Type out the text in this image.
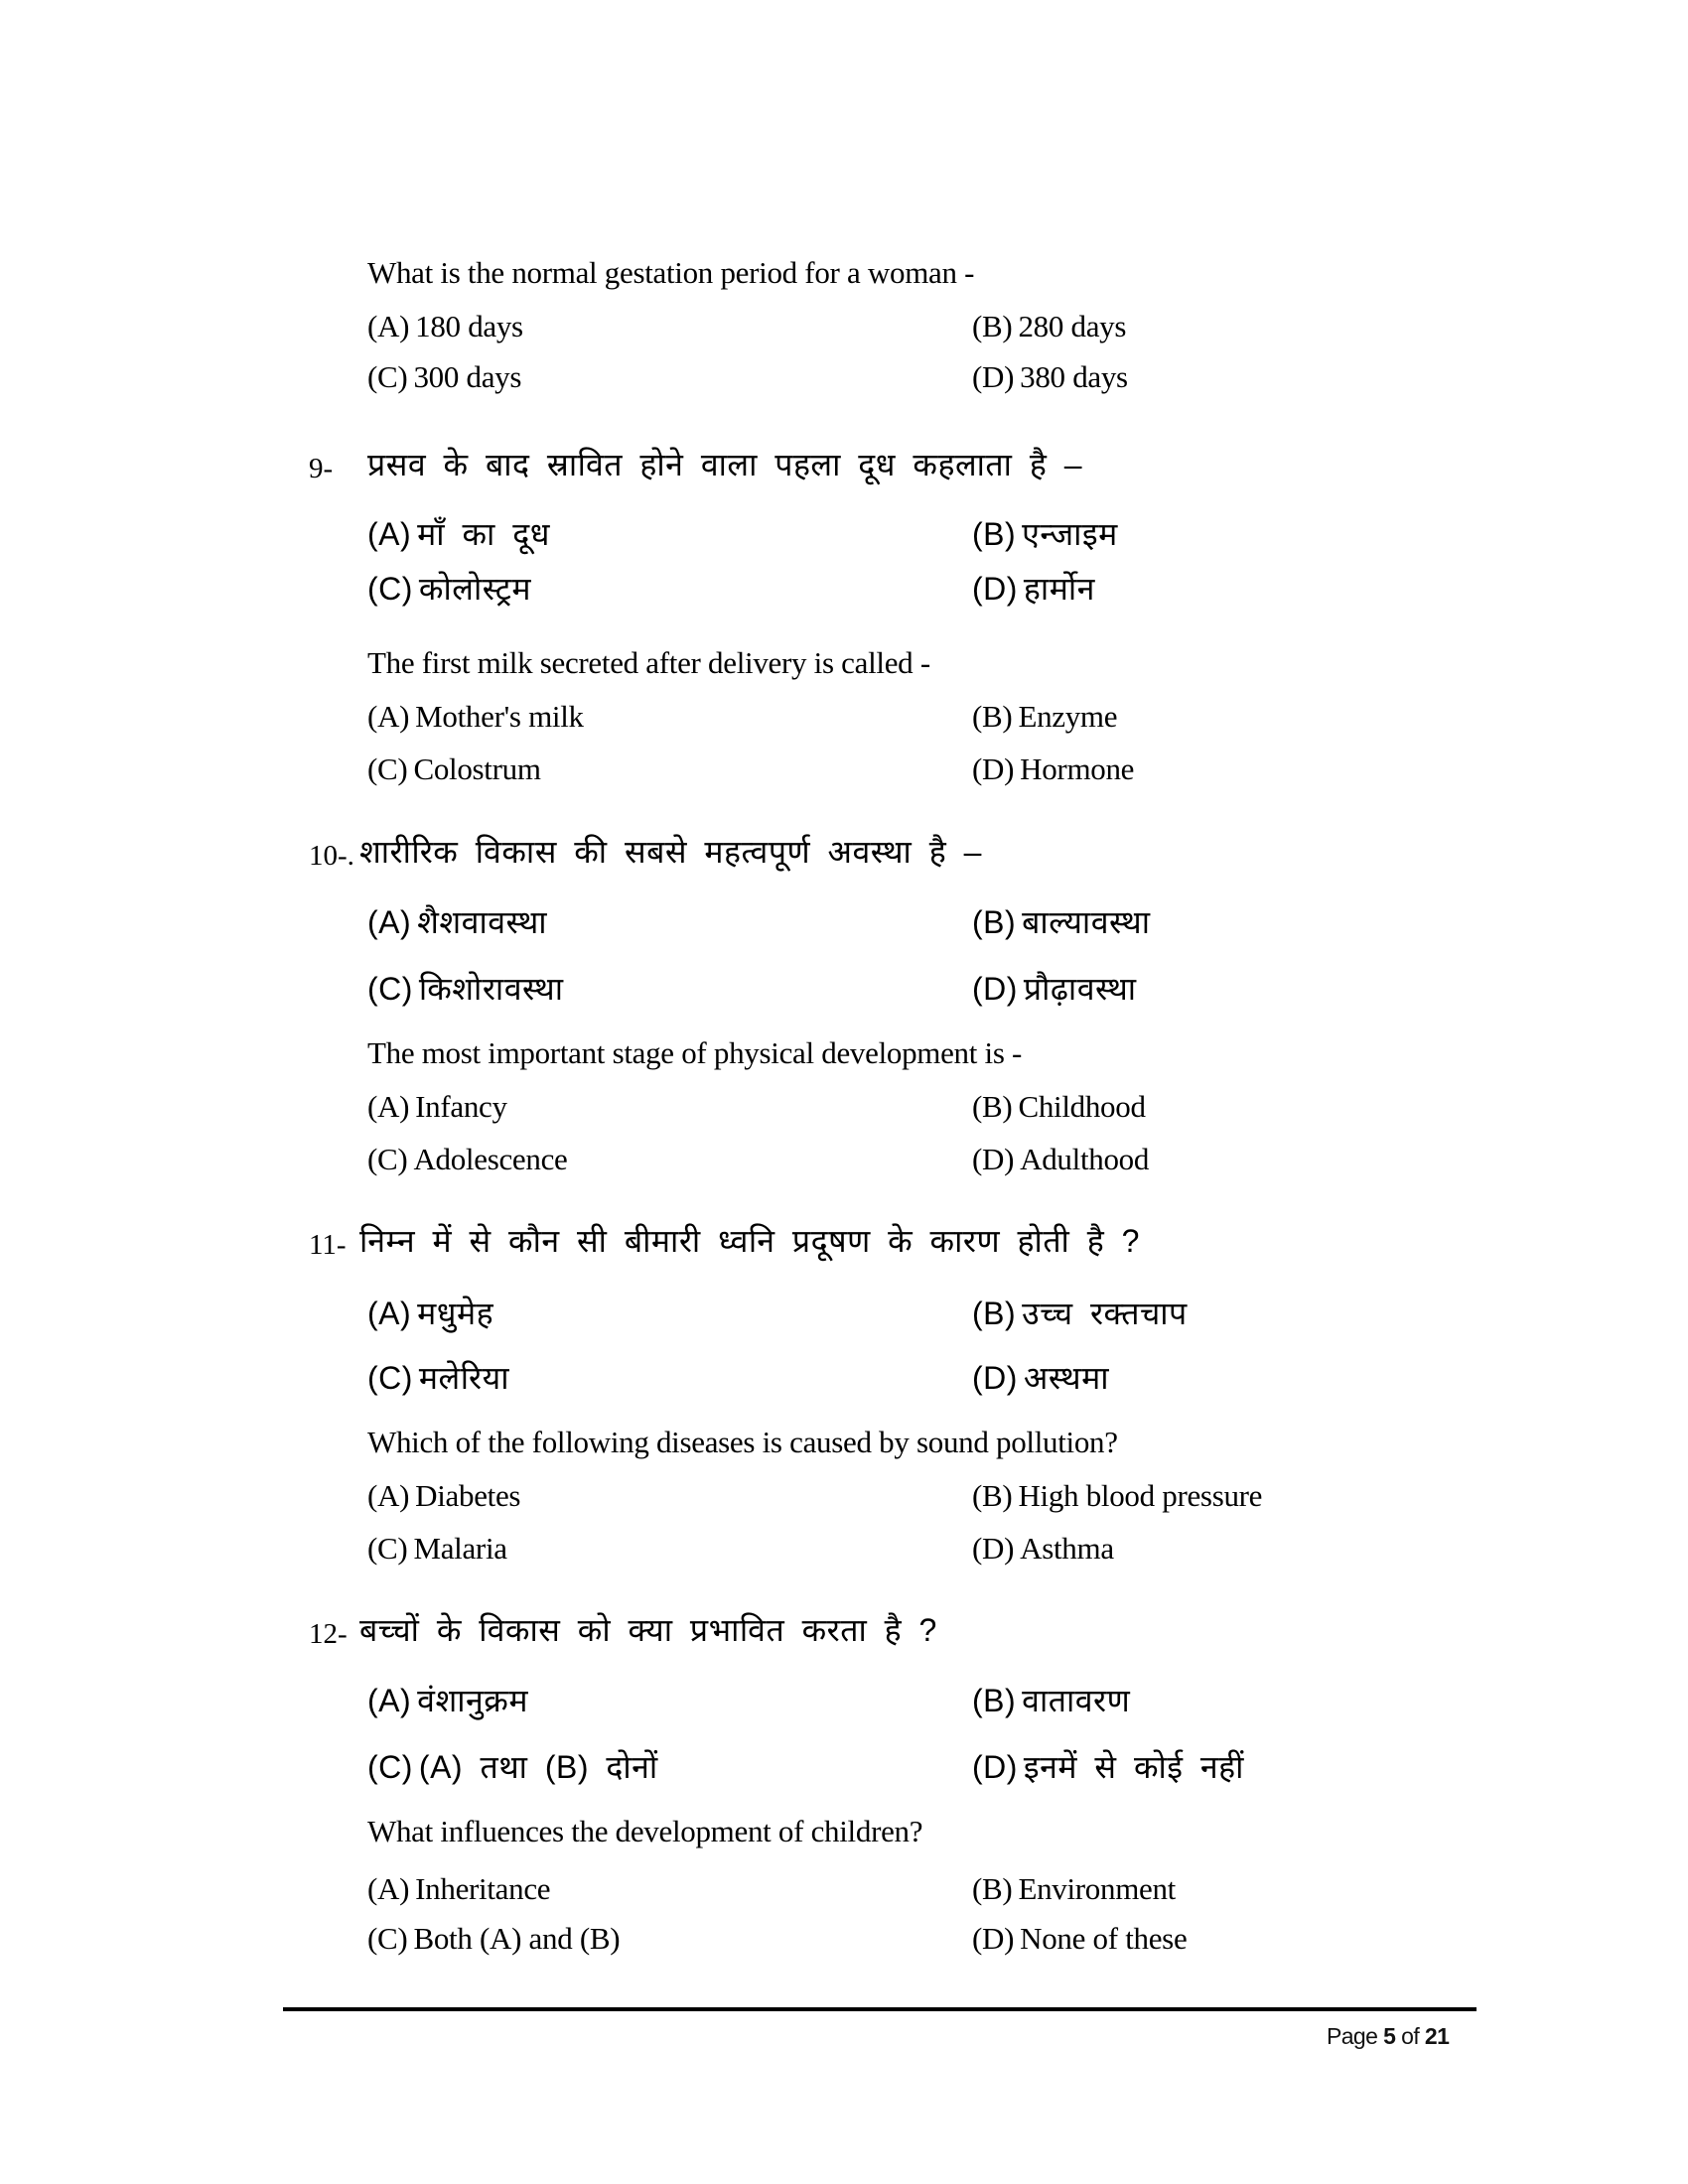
What is the normal gestation period for a woman -
(A) 180 days	(B) 280 days
(C) 300 days	(D) 380 days
9- प्रसव के बाद स्रावित होने वाला पहला दूध कहलाता है –
(A) माँ का दूध	(B) एन्जाइम
(C) कोलोस्ट्रम	(D) हार्मोन
The first milk secreted after delivery is called -
(A) Mother's milk	(B) Enzyme
(C) Colostrum	(D) Hormone
10-. शारीरिक विकास की सबसे महत्वपूर्ण अवस्था है –
(A) शैशवावस्था	(B) बाल्यावस्था
(C) किशोरावस्था	(D) प्रौढ़ावस्था
The most important stage of physical development is -
(A) Infancy	(B) Childhood
(C) Adolescence	(D) Adulthood
11- निम्न में से कौन सी बीमारी ध्वनि प्रदूषण के कारण होती है ?
(A) मधुमेह	(B) उच्च रक्तचाप
(C) मलेरिया	(D) अस्थमा
Which of the following diseases is caused by sound pollution?
(A) Diabetes	(B) High blood pressure
(C) Malaria	(D) Asthma
12- बच्चों के विकास को क्या प्रभावित करता है ?
(A) वंशानुक्रम	(B) वातावरण
(C) (A) तथा (B) दोनों	(D) इनमें से कोई नहीं
What influences the development of children?
(A) Inheritance	(B) Environment
(C) Both (A) and (B)	(D) None of these
Page 5 of 21
